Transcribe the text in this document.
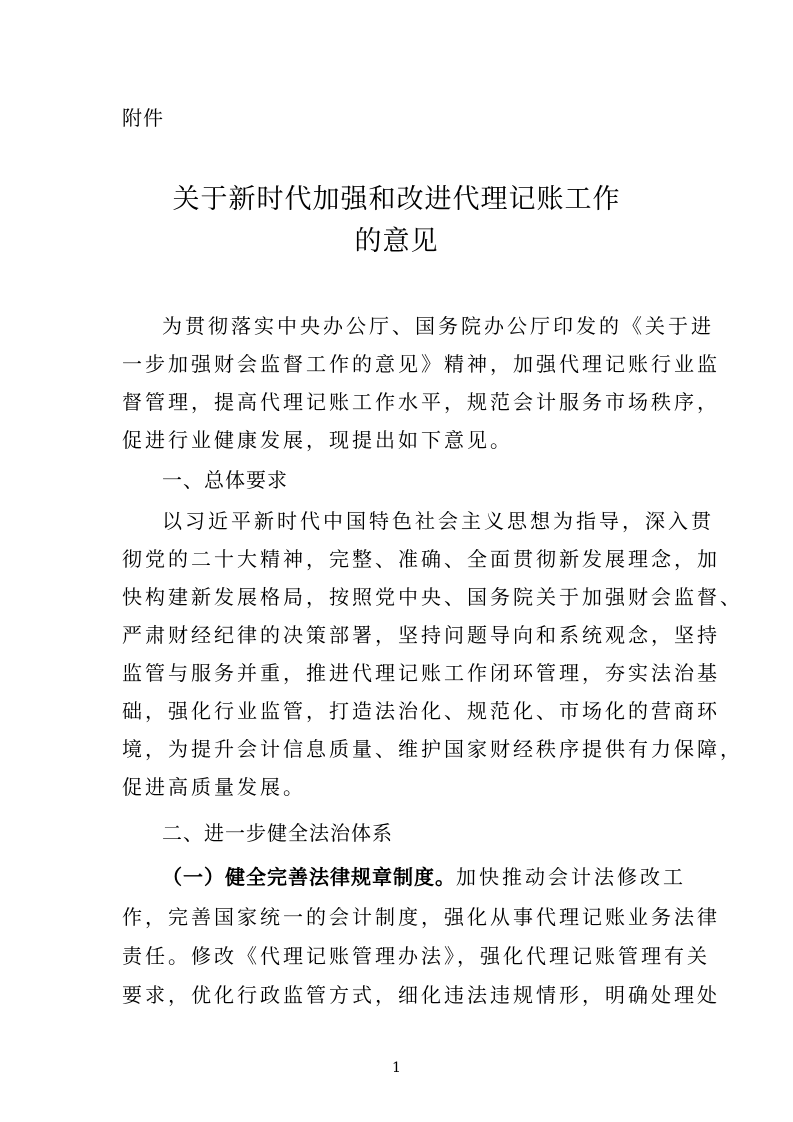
附件
关于新时代加强和改进代理记账工作
的意见
为贯彻落实中央办公厅、国务院办公厅印发的《关于进
一步加强财会监督工作的意见》精神，加强代理记账行业监
督管理，提高代理记账工作水平，规范会计服务市场秩序，
促进行业健康发展，现提出如下意见。
一、总体要求
以习近平新时代中国特色社会主义思想为指导，深入贯
彻党的二十大精神，完整、准确、全面贯彻新发展理念，加
快构建新发展格局，按照党中央、国务院关于加强财会监督、
严肃财经纪律的决策部署，坚持问题导向和系统观念，坚持
监管与服务并重，推进代理记账工作闭环管理，夯实法治基
础，强化行业监管，打造法治化、规范化、市场化的营商环
境，为提升会计信息质量、维护国家财经秩序提供有力保障，
促进高质量发展。
二、进一步健全法治体系
（一）健全完善法律规章制度。加快推动会计法修改工
作，完善国家统一的会计制度，强化从事代理记账业务法律
责任。修改《代理记账管理办法》，强化代理记账管理有关
要求，优化行政监管方式，细化违法违规情形，明确处理处
1
